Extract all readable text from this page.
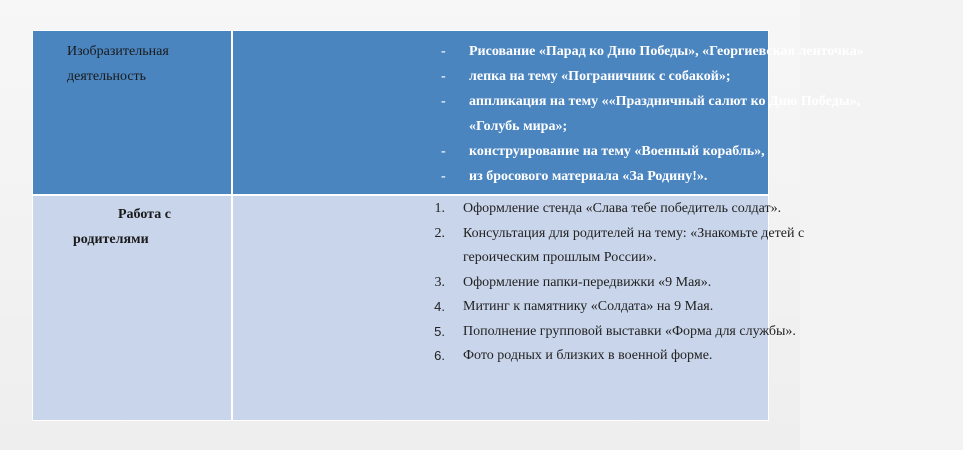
Изобразительная
деятельность
- Рисование «Парад ко Дню Победы», «Георгиевская ленточка»
- лепка на тему «Пограничник с собакой»;
- аппликация на тему ««Праздничный салют ко Дню Победы»,
«Голубь мира»;
- конструирование на тему «Военный корабль»,
- из бросового материала «За Родину!».
Работа с
родителями
1. Оформление стенда «Слава тебе победитель солдат».
2. Консультация для родителей на тему: «Знакомьте детей с
героическим прошлым России».
3. Оформление папки-передвижки «9 Мая».
4. Митинг к памятнику «Солдата» на 9 Мая.
5. Пополнение групповой выставки «Форма для службы».
6. Фото родных и близких в военной форме.
